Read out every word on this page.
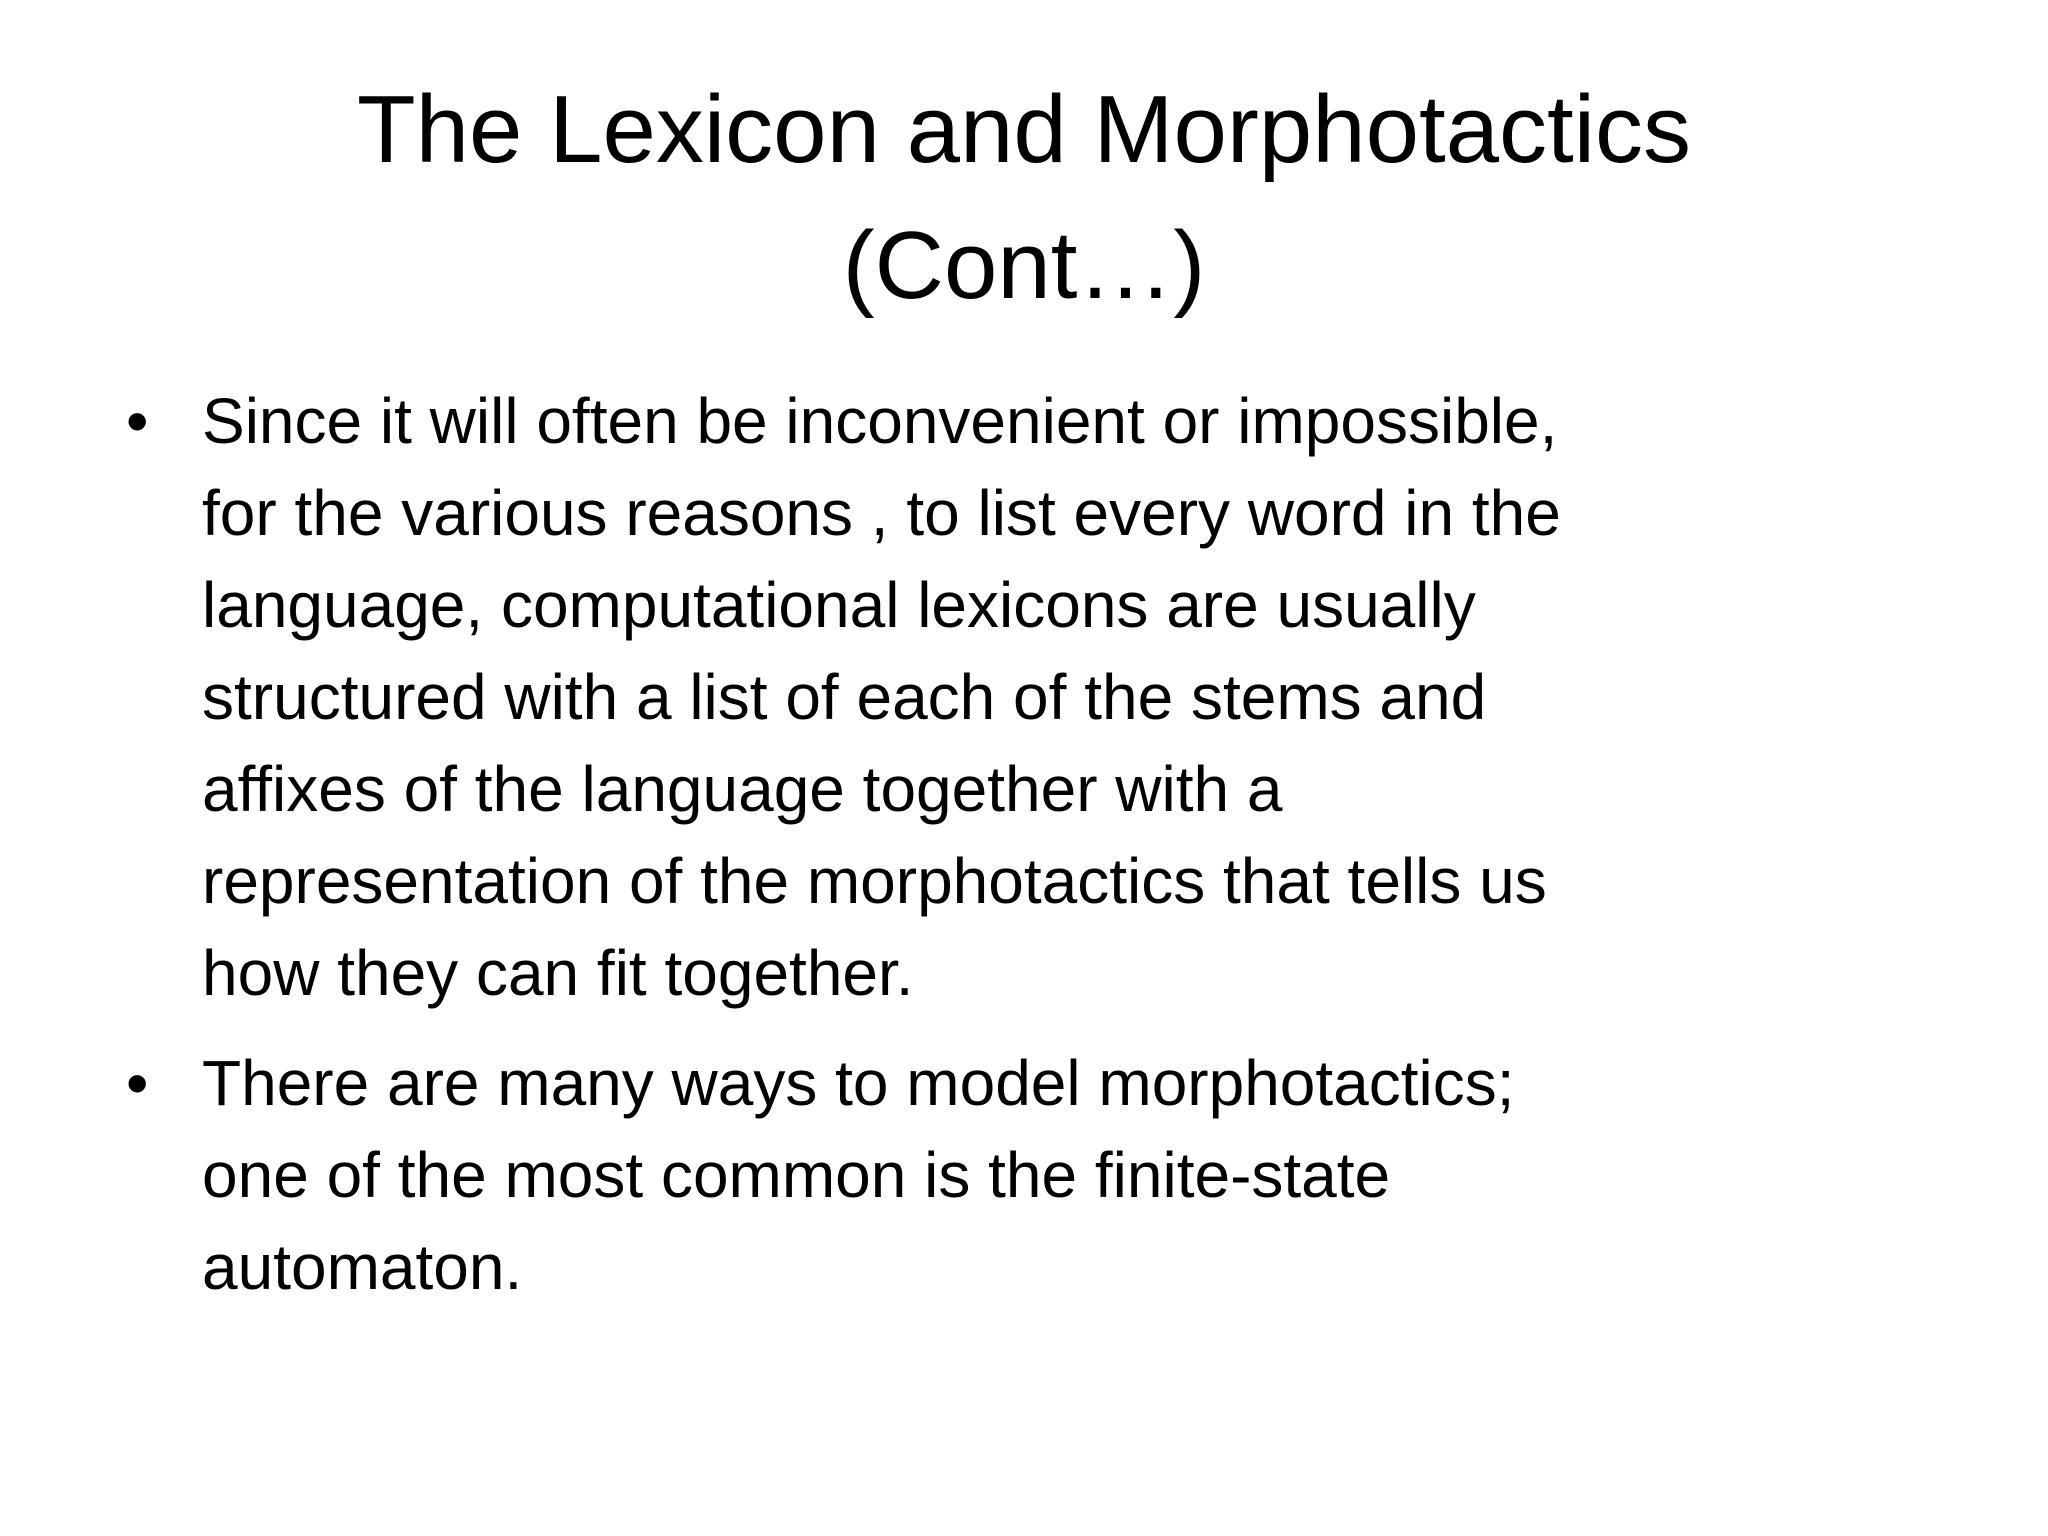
The Lexicon and Morphotactics
(Cont…)
• Since it will often be inconvenient or impossible,
for the various reasons , to list every word in the
language, computational lexicons are usually
structured with a list of each of the stems and
affixes of the language together with a
representation of the morphotactics that tells us
how they can fit together.
• There are many ways to model morphotactics;
one of the most common is the finite-state
automaton.
